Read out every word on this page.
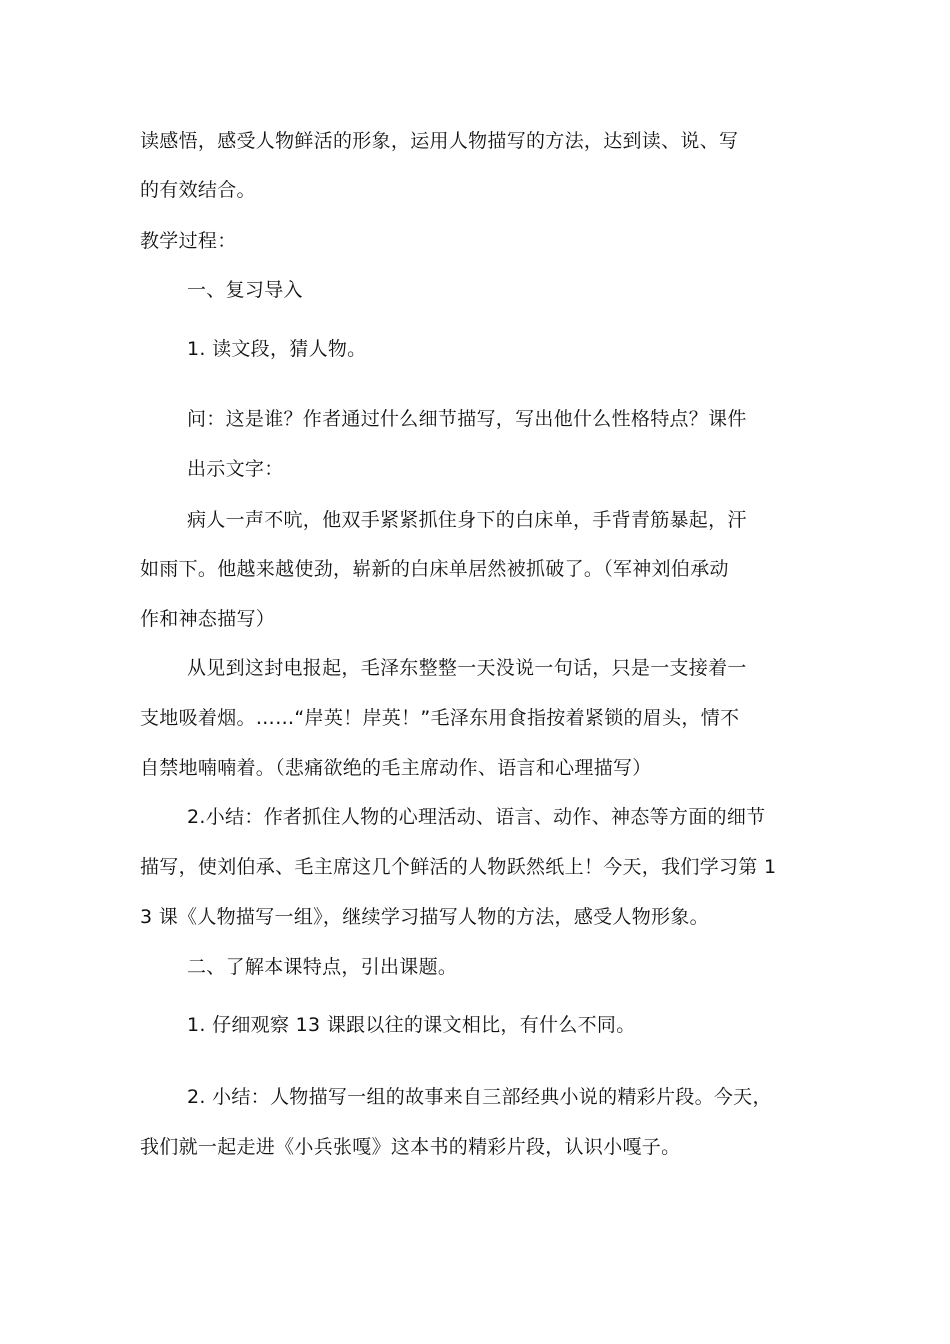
读感悟，感受人物鲜活的形象，运用人物描写的方法，达到读、说、写
的有效结合。
教学过程：
一、复习导入
1. 读文段，猜人物。
问：这是谁？作者通过什么细节描写，写出他什么性格特点？课件
出示文字：
病人一声不吭，他双手紧紧抓住身下的白床单，手背青筋暴起，汗
如雨下。他越来越使劲，崭新的白床单居然被抓破了。（军神刘伯承动
作和神态描写）
从见到这封电报起，毛泽东整整一天没说一句话，只是一支接着一
支地吸着烟。……“岸英！岸英！”毛泽东用食指按着紧锁的眉头，情不
自禁地喃喃着。（悲痛欲绝的毛主席动作、语言和心理描写）
2.小结：作者抓住人物的心理活动、语言、动作、神态等方面的细节
描写，使刘伯承、毛主席这几个鲜活的人物跃然纸上！今天，我们学习第 1
3 课《人物描写一组》，继续学习描写人物的方法，感受人物形象。
二、了解本课特点，引出课题。
1. 仔细观察 13 课跟以往的课文相比，有什么不同。
2. 小结：人物描写一组的故事来自三部经典小说的精彩片段。今天，
我们就一起走进《小兵张嘎》这本书的精彩片段，认识小嘎子。
